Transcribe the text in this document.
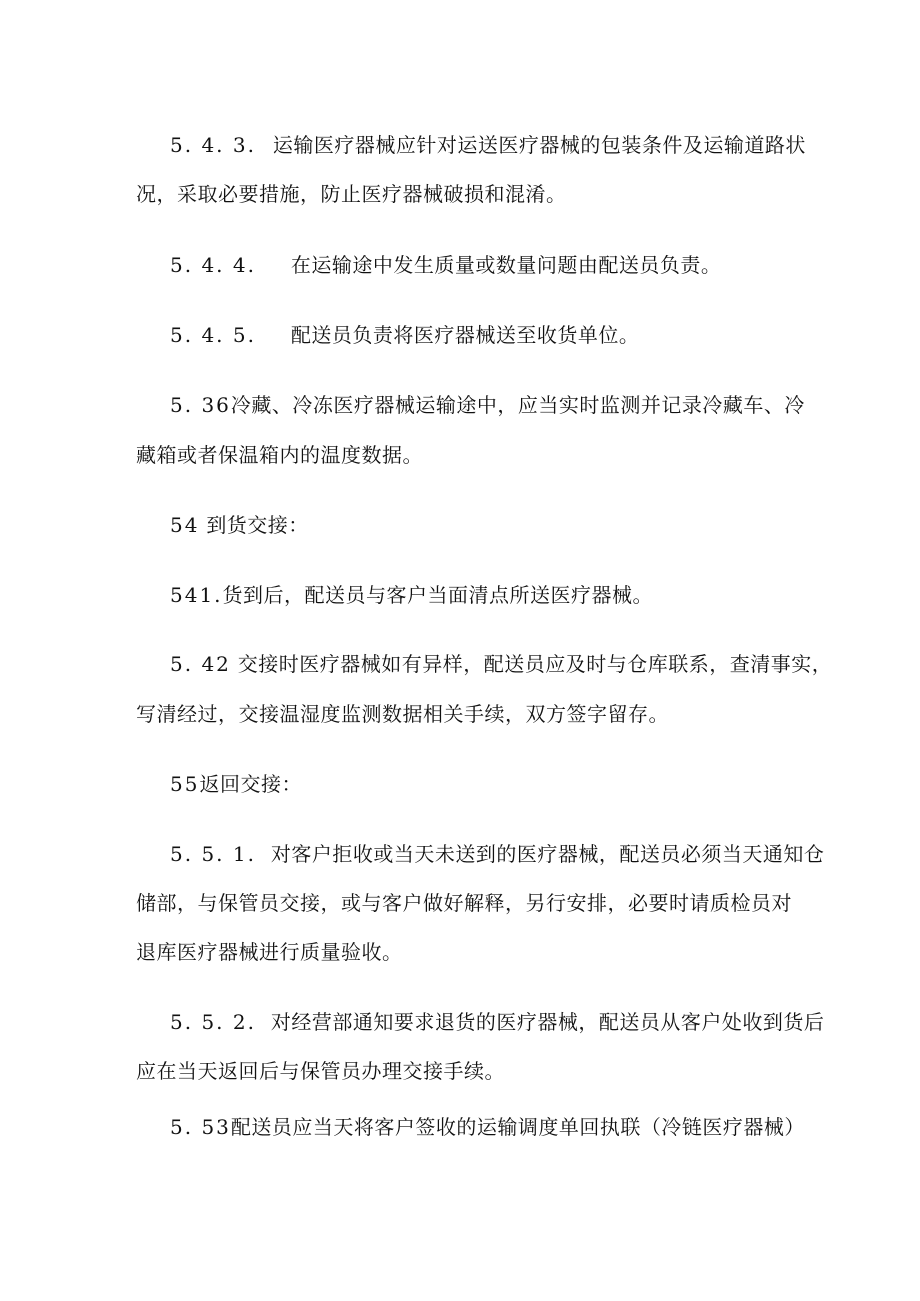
5. 4. 3. 运输医疗器械应针对运送医疗器械的包装条件及运输道路状
况，采取必要措施，防止医疗器械破损和混淆。
5. 4. 4. 在运输途中发生质量或数量问题由配送员负责。
5. 4. 5. 配送员负责将医疗器械送至收货单位。
5. 36冷藏、冷冻医疗器械运输途中，应当实时监测并记录冷藏车、冷
藏箱或者保温箱内的温度数据。
54 到货交接：
541.货到后，配送员与客户当面清点所送医疗器械。
5. 42 交接时医疗器械如有异样，配送员应及时与仓库联系，查清事实，
写清经过，交接温湿度监测数据相关手续，双方签字留存。
55返回交接：
5. 5. 1. 对客户拒收或当天未送到的医疗器械，配送员必须当天通知仓
储部，与保管员交接，或与客户做好解释，另行安排，必要时请质检员对
退库医疗器械进行质量验收。
5. 5. 2. 对经营部通知要求退货的医疗器械，配送员从客户处收到货后
应在当天返回后与保管员办理交接手续。
5. 53配送员应当天将客户签收的运输调度单回执联（冷链医疗器械）
